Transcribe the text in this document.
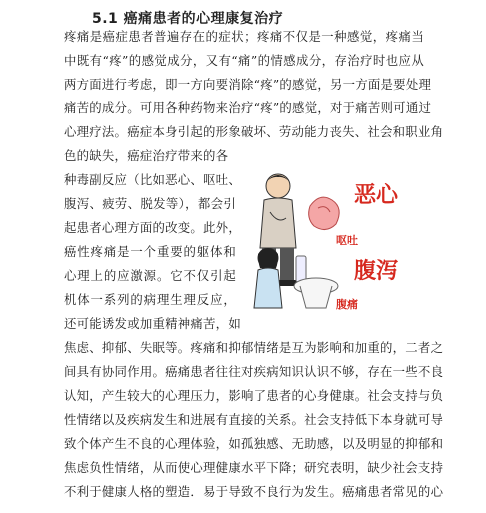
5.1 癌痛患者的心理康复治疗
疼痛是癌症患者普遍存在的症状；疼痛不仅是一种感觉，疼痛当
中既有“疼”的感觉成分，又有“痛”的情感成分，存治疗时也应从
两方面进行考虑，即一方向要消除“疼”的感觉，另一方面是要处理
痛苦的成分。可用各种药物来治疗“疼”的感觉，对于痛苦则可通过
心理疗法。癌症本身引起的形象破坏、劳动能力丧失、社会和职业角
色的缺失，癌症治疗带来的各
种毒副反应（比如恶心、呕吐、
腹泻、疲劳、脱发等），都会引
起患者心理方面的改变。此外，
癌性疼痛是一个重要的躯体和
心理上的应激源。它不仅引起
机体一系列的病理生理反应，
还可能诱发或加重精神痛苦，如
焦虑、抑郁、失眠等。疼痛和抑郁情绪是互为影响和加重的，二者之
间具有协同作用。癌痛患者往往对疾病知识认识不够，存在一些不良
认知，产生较大的心理压力，影响了患者的心身健康。社会支持与负
性情绪以及疾病发生和进展有直接的关系。社会支持低下本身就可导
致个体产生不良的心理体验，如孤独感、无助感，以及明显的抑郁和
焦虑负性情绪，从而使心理健康水平下降；研究表明，缺少社会支持
不利于健康人格的塑造．易于导致不良行为发生。癌痛患者常见的心
恶心
呕吐
腹泻
腹痛
